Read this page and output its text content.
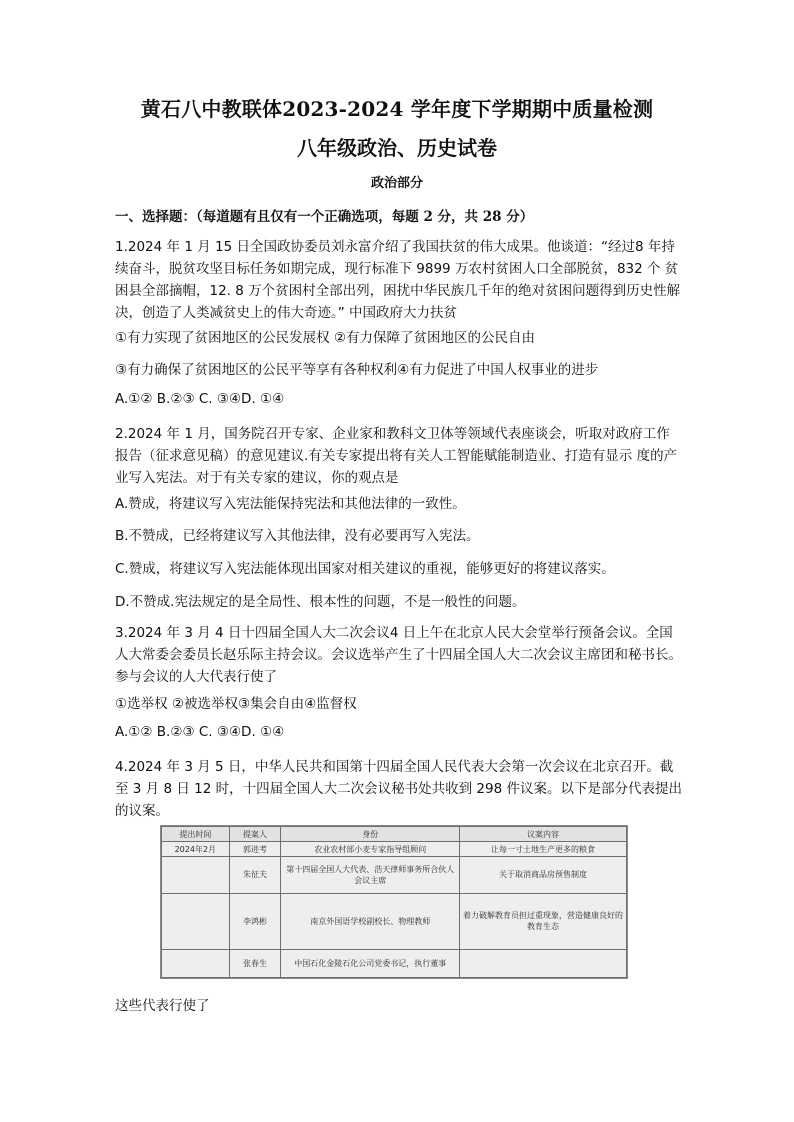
黄石八中教联体2023-2024 学年度下学期期中质量检测
八年级政治、历史试卷
政治部分
一、选择题：（每道题有且仅有一个正确选项，每题 2 分，共 28 分）

1.2024 年 1 月 15 日全国政协委员刘永富介绍了我国扶贫的伟大成果。他谈道：“经过8 年持 续奋斗，脱贫攻坚目标任务如期完成，现行标准下 9899 万农村贫困人口全部脱贫，832 个 贫困县全部摘帽，12. 8 万个贫困村全部出列，困扰中华民族几千年的绝对贫困问题得到历史性解决，创造了人类减贫史上的伟大奇迹。” 中国政府大力扶贫

①有力实现了贫困地区的公民发展权 ②有力保障了贫困地区的公民自由
③有力确保了贫困地区的公民平等享有各种权利④有力促进了中国人权事业的进步
A.①② B.②③ C. ③④D. ①④

2.2024 年 1 月，国务院召开专家、企业家和教科文卫体等领域代表座谈会，听取对政府工作 报告（征求意见稿）的意见建议.有关专家提出将有关人工智能赋能制造业、打造有显示 度的产业写入宪法。对于有关专家的建议，你的观点是

A.赞成，将建议写入宪法能保持宪法和其他法律的一致性。
B.不赞成，已经将建议写入其他法律，没有必要再写入宪法。
C.赞成，将建议写入宪法能体现出国家对相关建议的重视，能够更好的将建议落实。
D.不赞成.宪法规定的是全局性、根本性的问题，不是一般性的问题。

3.2024 年 3 月 4 日十四届全国人大二次会议4 日上午在北京人民大会堂举行预备会议。全国人大常委会委员长赵乐际主持会议。会议选举产生了十四届全国人大二次会议主席团和秘书长。参与会议的人大代表行使了

①选举权 ②被选举权③集会自由④监督权
A.①② B.②③ C. ③④D. ①④

4.2024 年 3 月 5 日，中华人民共和国第十四届全国人民代表大会第一次会议在北京召开。截至 3 月 8 日 12 时，十四届全国人大二次会议秘书处共收到 298 件议案。以下是部分代表提出的议案。

提出时间	提案人	身份	议案内容
2024年2月	郭进考	农业农村部小麦专家指导组顾问	让每一寸土地生产更多的粮食
	朱征夫	第十四届全国人大代表、浩天律师事务所合伙人会议主席	关于取消商品房预售制度
	李鸿彬	南京外国语学校副校长、物理教师	着力破解教育员担过重现象，营造健康良好的教育生态
	张春生	中国石化金陵石化公司党委书记，执行董事	
这些代表行使了
